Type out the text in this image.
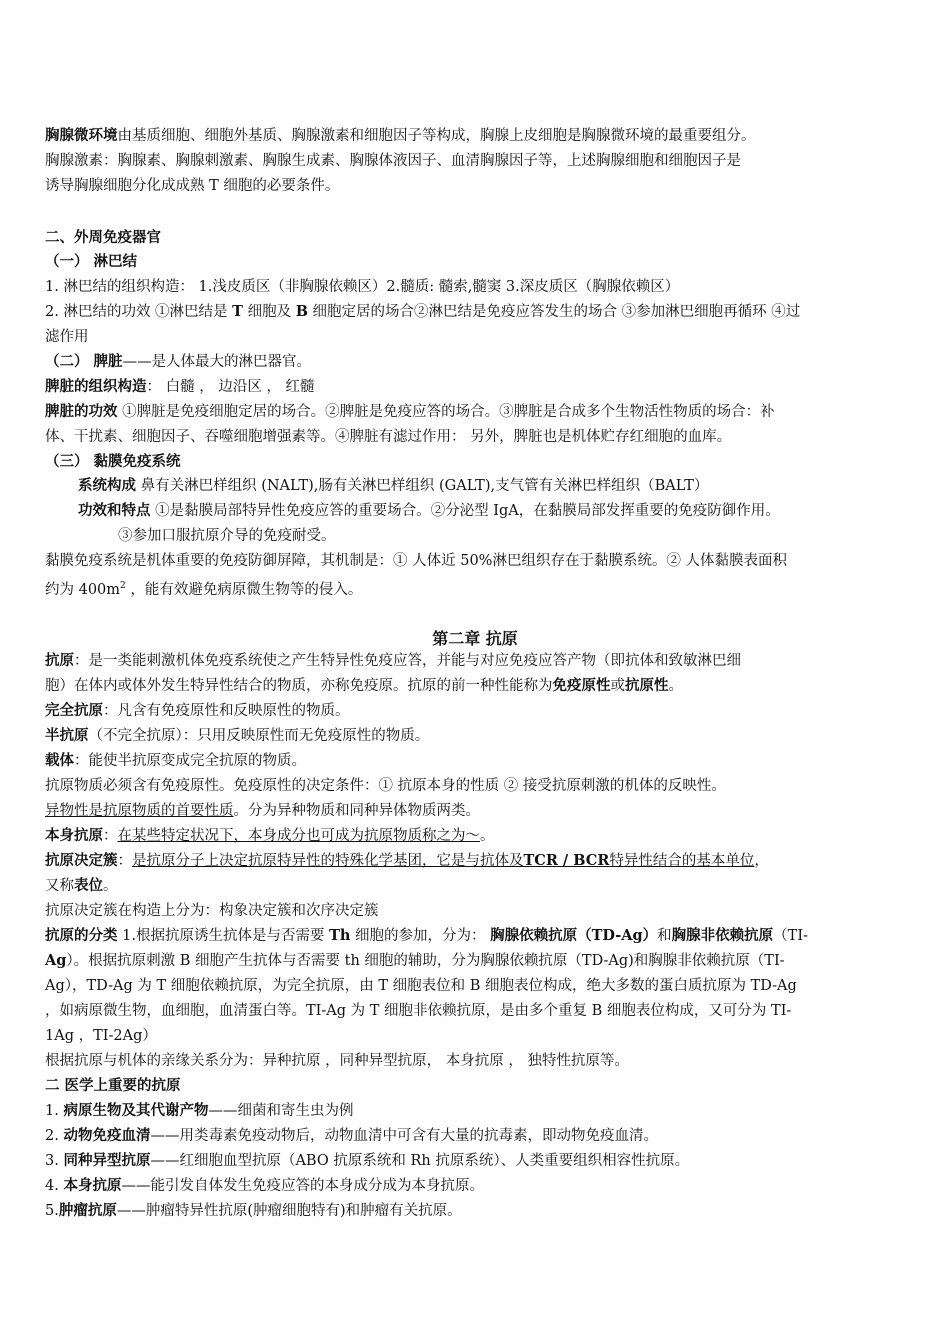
胸腺微环境由基质细胞、细胞外基质、胸腺激素和细胞因子等构成，胸腺上皮细胞是胸腺微环境的最重要组分。
胸腺激素：胸腺素、胸腺刺激素、胸腺生成素、胸腺体液因子、血清胸腺因子等，上述胸腺细胞和细胞因子是
诱导胸腺细胞分化成成熟 T 细胞的必要条件。
二、外周免疫器官
（一） 淋巴结
1. 淋巴结的组织构造： 1.浅皮质区（非胸腺依赖区）2.髓质: 髓索,髓窦 3.深皮质区（胸腺依赖区）
2. 淋巴结的功效 ①淋巴结是 T 细胞及 B 细胞定居的场合②淋巴结是免疫应答发生的场合 ③参加淋巴细胞再循环 ④过
滤作用
（二） 脾脏——是人体最大的淋巴器官。
脾脏的组织构造： 白髓 ， 边沿区 ， 红髓
脾脏的功效 ①脾脏是免疫细胞定居的场合。②脾脏是免疫应答的场合。③脾脏是合成多个生物活性物质的场合：补
体、干扰素、细胞因子、吞噬细胞增强素等。④脾脏有滤过作用： 另外，脾脏也是机体贮存红细胞的血库。
（三） 黏膜免疫系统
系统构成 鼻有关淋巴样组织 (NALT),肠有关淋巴样组织 (GALT),支气管有关淋巴样组织（BALT）
功效和特点 ①是黏膜局部特异性免疫应答的重要场合。②分泌型 IgA，在黏膜局部发挥重要的免疫防御作用。
③参加口服抗原介导的免疫耐受。
黏膜免疫系统是机体重要的免疫防御屏障，其机制是：① 人体近 50%淋巴组织存在于黏膜系统。② 人体黏膜表面积
约为 $400m^2$ ，能有效避免病原微生物等的侵入。
第二章 抗原
抗原：是一类能刺激机体免疫系统使之产生特异性免疫应答，并能与对应免疫应答产物（即抗体和致敏淋巴细
胞）在体内或体外发生特异性结合的物质，亦称免疫原。抗原的前一种性能称为免疫原性或抗原性。
完全抗原：凡含有免疫原性和反映原性的物质。
半抗原（不完全抗原）：只用反映原性而无免疫原性的物质。
载体：能使半抗原变成完全抗原的物质。
抗原物质必须含有免疫原性。免疫原性的决定条件：① 抗原本身的性质 ② 接受抗原刺激的机体的反映性。
异物性是抗原物质的首要性质。分为异种物质和同种异体物质两类。
本身抗原：在某些特定状况下，本身成分也可成为抗原物质称之为～。
抗原决定簇：是抗原分子上决定抗原特异性的特殊化学基团，它是与抗体及TCR / BCR特异性结合的基本单位，
又称表位。
抗原决定簇在构造上分为：构象决定簇和次序决定簇
抗原的分类 1.根据抗原诱生抗体是与否需要 Th 细胞的参加，分为： 胸腺依赖抗原（TD-Ag）和胸腺非依赖抗原（TI-
Ag）。根据抗原刺激 B 细胞产生抗体与否需要 th 细胞的辅助，分为胸腺依赖抗原（TD-Ag)和胸腺非依赖抗原（TI-
Ag），TD-Ag 为 T 细胞依赖抗原，为完全抗原，由 T 细胞表位和 B 细胞表位构成，绝大多数的蛋白质抗原为 TD-Ag
，如病原微生物，血细胞，血清蛋白等。TI-Ag 为 T 细胞非依赖抗原，是由多个重复 B 细胞表位构成，又可分为 TI-
1Ag ，TI-2Ag）
根据抗原与机体的亲缘关系分为：异种抗原 ，同种异型抗原， 本身抗原 ， 独特性抗原等。
二 医学上重要的抗原
1. 病原生物及其代谢产物——细菌和寄生虫为例
2. 动物免疫血清——用类毒素免疫动物后，动物血清中可含有大量的抗毒素，即动物免疫血清。
3. 同种异型抗原——红细胞血型抗原（ABO 抗原系统和 Rh 抗原系统）、人类重要组织相容性抗原。
4. 本身抗原——能引发自体发生免疫应答的本身成分成为本身抗原。
5.肿瘤抗原——肿瘤特异性抗原(肿瘤细胞特有)和肿瘤有关抗原。
